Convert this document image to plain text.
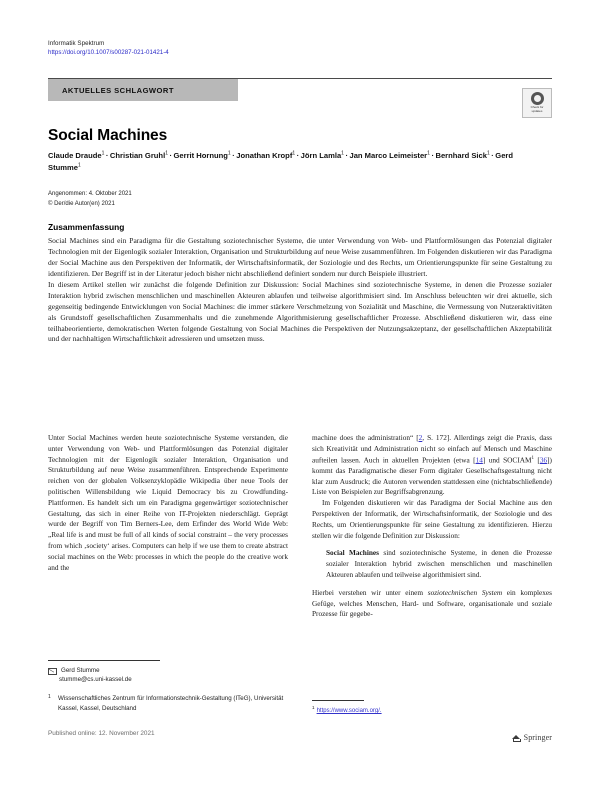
Informatik Spektrum
https://doi.org/10.1007/s00287-021-01421-4
AKTUELLES SCHLAGWORT
Check for
updates
Social Machines
Claude Draude$^1$ · Christian Gruhl$^1$ · Gerrit Hornung$^1$ · Jonathan Kropf$^1$ · Jörn Lamla$^1$ · Jan Marco Leimeister$^1$ · Bernhard Sick$^1$ · Gerd Stumme$^1$
Angenommen: 4. Oktober 2021
© Der/die Autor(en) 2021
Zusammenfassung

Social Machines sind ein Paradigma für die Gestaltung soziotechnischer Systeme, die unter Verwendung von Web- und Plattformlösungen das Potenzial digitaler Technologien mit der Eigenlogik sozialer Interaktion, Organisation und Strukturbildung auf neue Weise zusammenführen. Im Folgenden diskutieren wir das Paradigma der Social Machine aus den Perspektiven der Informatik, der Wirtschaftsinformatik, der Soziologie und des Rechts, um Orientierungspunkte für seine Gestaltung zu identifizieren. Der Begriff ist in der Literatur jedoch bisher nicht abschließend definiert sondern nur durch Beispiele illustriert.

In diesem Artikel stellen wir zunächst die folgende Definition zur Diskussion: Social Machines sind soziotechnische Systeme, in denen die Prozesse sozialer Interaktion hybrid zwischen menschlichen und maschinellen Akteuren ablaufen und teilweise algorithmisiert sind. Im Anschluss beleuchten wir drei aktuelle, sich gegenseitig bedingende Entwicklungen von Social Machines: die immer stärkere Verschmelzung von Sozialität und Maschine, die Vermessung von Nutzeraktivitäten als Grundstoff gesellschaftlichen Zusammenhalts und die zunehmende Algorithmisierung gesellschaftlicher Prozesse. Abschließend diskutieren wir, dass eine teilhabeorientierte, demokratischen Werten folgende Gestaltung von Social Machines die Perspektiven der Nutzungsakzeptanz, der gesellschaftlichen Akzeptabilität und der nachhaltigen Wirtschaftlichkeit adressieren und umsetzen muss.

Unter Social Machines werden heute soziotechnische Systeme verstanden, die unter Verwendung von Web- und Plattformlösungen das Potenzial digitaler Technologien mit der Eigenlogik sozialer Interaktion, Organisation und Strukturbildung auf neue Weise zusammenführen. Entsprechende Experimente reichen von der globalen Volksenzyklopädie Wikipedia über neue Tools der politischen Willensbildung wie Liquid Democracy bis zu Crowdfunding-Plattformen. Es handelt sich um ein Paradigma gegenwärtiger soziotechnischer Gestaltung, das sich in einer Reihe von IT-Projekten niederschlägt. Geprägt wurde der Begriff von Tim Berners-Lee, dem Erfinder des World Wide Web: „Real life is and must be full of all kinds of social constraint – the very processes from which ‚society‘ arises. Computers can help if we use them to create abstract social machines on the Web: processes in which the people do the creative work and the

machine does the administration“ [2, S. 172]. Allerdings zeigt die Praxis, dass sich Kreativität und Administration nicht so einfach auf Mensch und Maschine aufteilen lassen. Auch in aktuellen Projekten (etwa [14] und SOCIAM$^1$ [36]) kommt das Paradigmatische dieser Form digitaler Gesellschaftsgestaltung nicht klar zum Ausdruck; die Autoren verwenden stattdessen eine (nichtabschließende) Liste von Beispielen zur Begriffsabgrenzung.

Im Folgenden diskutieren wir das Paradigma der Social Machine aus den Perspektiven der Informatik, der Wirtschaftsinformatik, der Soziologie und des Rechts, um Orientierungspunkte für seine Gestaltung zu identifizieren. Hierzu stellen wir die folgende Definition zur Diskussion:

Social Machines sind soziotechnische Systeme, in denen die Prozesse sozialer Interaktion hybrid zwischen menschlichen und maschinellen Akteuren ablaufen und teilweise algorithmisiert sind.

Hierbei verstehen wir unter einem soziotechnischen System ein komplexes Gefüge, welches Menschen, Hard- und Software, organisationale und soziale Prozesse für gegebe-

Gerd Stumme
stumme@cs.uni-kassel.de
1	Wissenschaftliches Zentrum für Informationstechnik-Gestaltung (ITeG), Universität Kassel, Kassel, Deutschland
Published online: 12. November 2021
$^1$https://www.sociam.org/.
Springer
